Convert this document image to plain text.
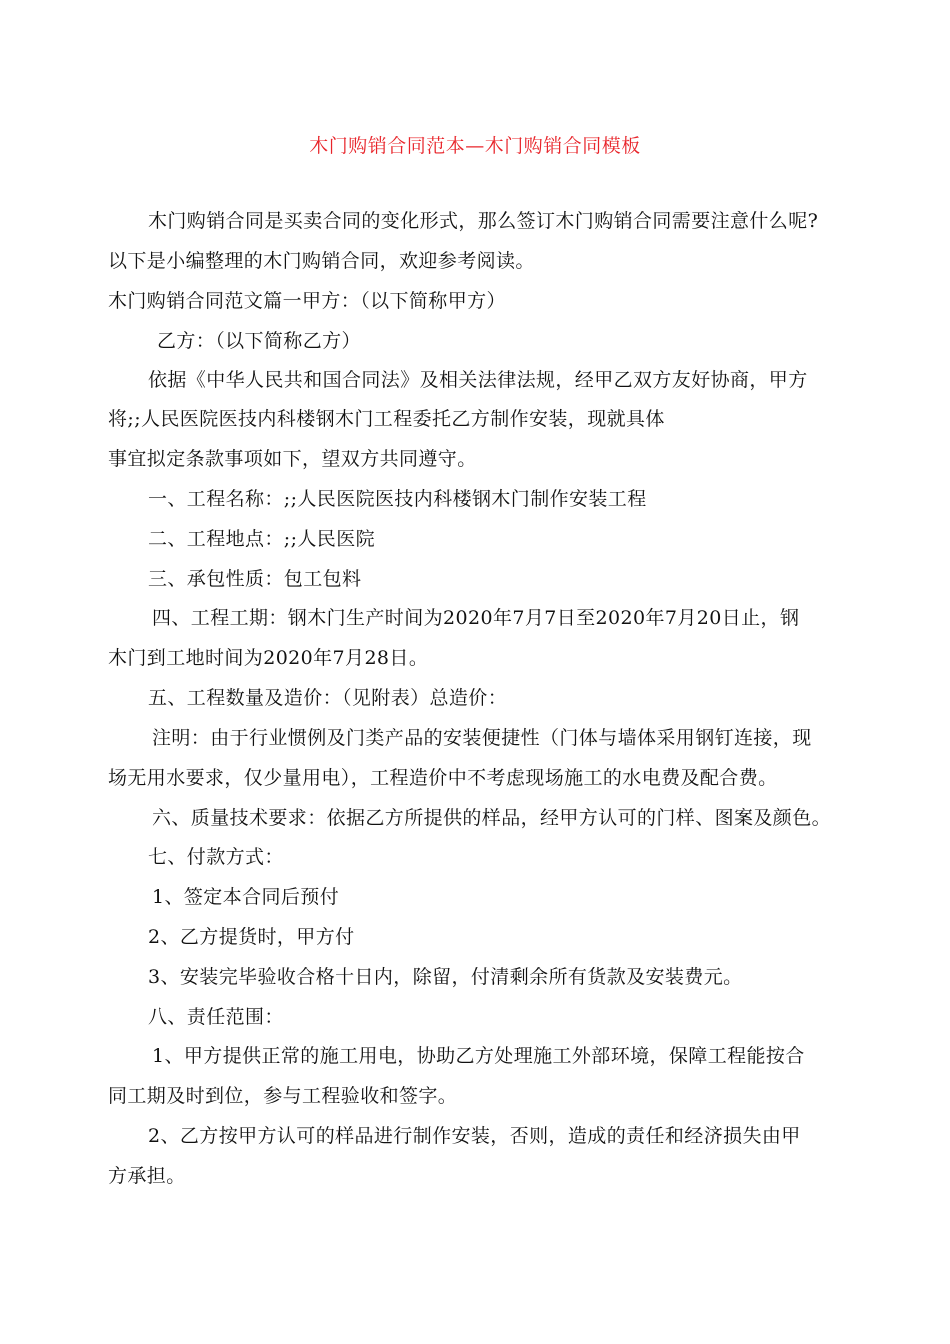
木门购销合同范本—木门购销合同模板
木门购销合同是买卖合同的变化形式，那么签订木门购销合同需要注意什么呢?
以下是小编整理的木门购销合同，欢迎参考阅读。
木门购销合同范文篇一甲方：（以下简称甲方）
乙方：（以下简称乙方）
依据《中华人民共和国合同法》及相关法律法规，经甲乙双方友好协商，甲方
将;;人民医院医技内科楼钢木门工程委托乙方制作安装，现就具体
事宜拟定条款事项如下，望双方共同遵守。
一、工程名称：;;人民医院医技内科楼钢木门制作安装工程
二、工程地点：;;人民医院
三、承包性质：包工包料
四、工程工期：钢木门生产时间为2020年7月7日至2020年7月20日止，钢
木门到工地时间为2020年7月28日。
五、工程数量及造价：（见附表）总造价：
注明：由于行业惯例及门类产品的安装便捷性（门体与墙体采用钢钉连接，现
场无用水要求，仅少量用电），工程造价中不考虑现场施工的水电费及配合费。
六、质量技术要求：依据乙方所提供的样品，经甲方认可的门样、图案及颜色。
七、付款方式：
1、签定本合同后预付
2、乙方提货时，甲方付
3、安装完毕验收合格十日内，除留，付清剩余所有货款及安装费元。
八、责任范围：
1、甲方提供正常的施工用电，协助乙方处理施工外部环境，保障工程能按合
同工期及时到位，参与工程验收和签字。
2、乙方按甲方认可的样品进行制作安装，否则，造成的责任和经济损失由甲
方承担。
